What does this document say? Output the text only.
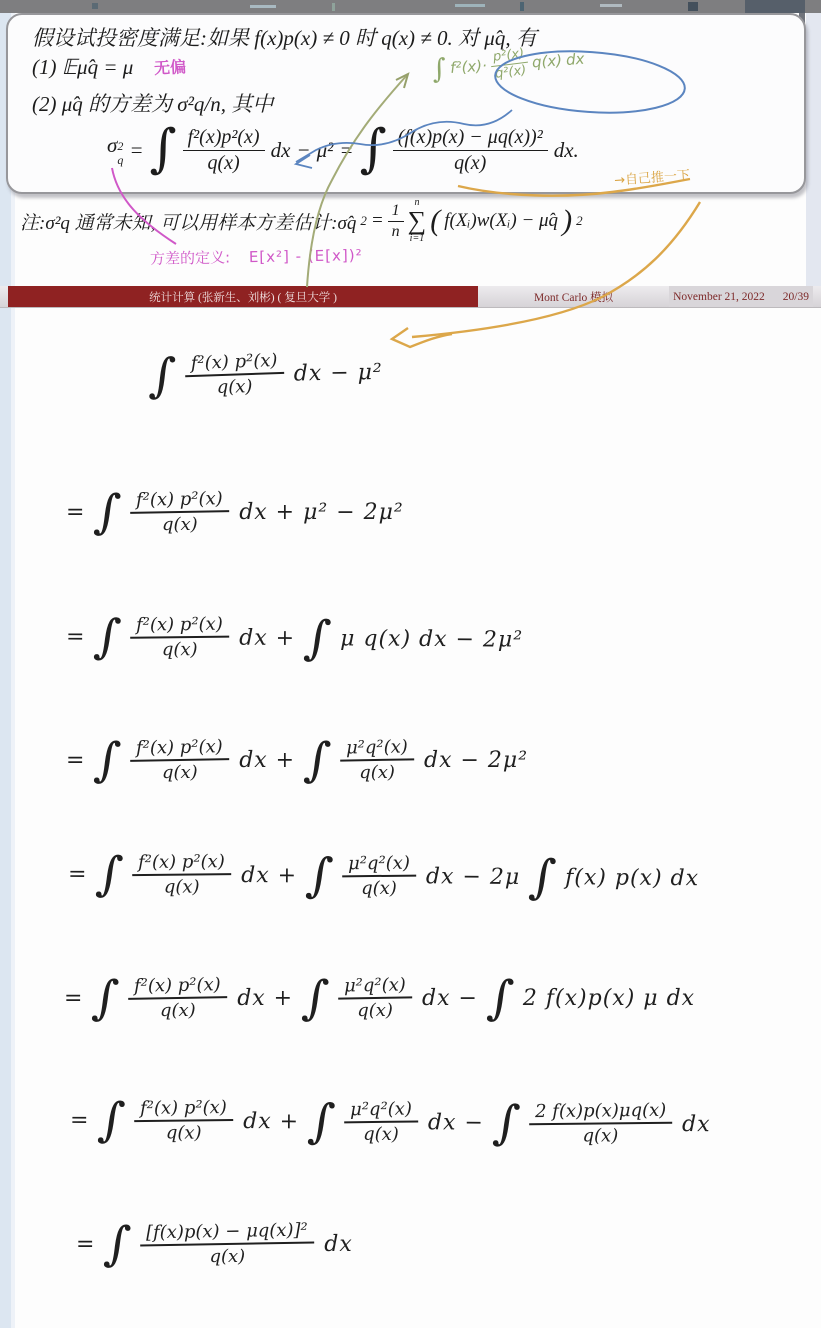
假设试投密度满足:如果 f(x)p(x) ≠ 0 时 q(x) ≠ 0. 对 μ̂q, 有
(1) 𝔼μ̂q = μ 无偏
(2) μ̂q 的方差为 σ²q/n, 其中
σ 2
q = ∫ $\frac{\text{f²(x)p²(x)}}{q(x)}$ dx − μ² = ∫ $\frac{\text{(f(x)p(x) − μq(x))²}}{q(x)}$ dx.
∫ f²(x)·
p²(x)
q²(x)
q(x) dx
→自己推一下
注:σ²q 通常未知, 可以用样本方差估计:σ̂q $2 = \frac{1}{n}$ n
∑
i=1
( f(Xᵢ)w(Xᵢ) − μ̂q ) 2
方差的定义: E[x²] - (E[x])²
统计计算 (张新生、刘彬) ( 复旦大学 )	Mont Carlo 模拟	November 21, 2022 20/39
∫ $\frac{\text{f²(x) p²(x)}}{q(x)}$ dx − μ²
= ∫ $\frac{\text{f²(x) p²(x)}}{q(x)}$ dx + μ² − 2μ²
= ∫ $\frac{\text{f²(x) p²(x)}}{q(x)}$ dx + ∫ μ q(x) dx − 2μ²
= ∫ $\frac{\text{f²(x) p²(x)}}{q(x)}$ dx + ∫ $\frac{\text{μ²q²(x)}}{q(x)}$ dx − 2μ²
= ∫ $\frac{\text{f²(x) p²(x)}}{q(x)}$ dx + ∫ $\frac{\text{μ²q²(x)}}{q(x)}$ dx − 2μ ∫ f(x) p(x) dx
= ∫ $\frac{\text{f²(x) p²(x)}}{q(x)}$ dx + ∫ $\frac{\text{μ²q²(x)}}{q(x)}$ dx − ∫ 2 f(x)p(x) μ dx
= ∫ $\frac{\text{f²(x) p²(x)}}{q(x)}$ dx + ∫ $\frac{\text{μ²q²(x)}}{q(x)}$ dx − ∫ $\frac{2 f(x)p(x)\mu q(x)}{q(x)}$ dx
= ∫ $\frac{\text{[f(x)p(x) − μq(x)]²}}{q(x)}$ dx
